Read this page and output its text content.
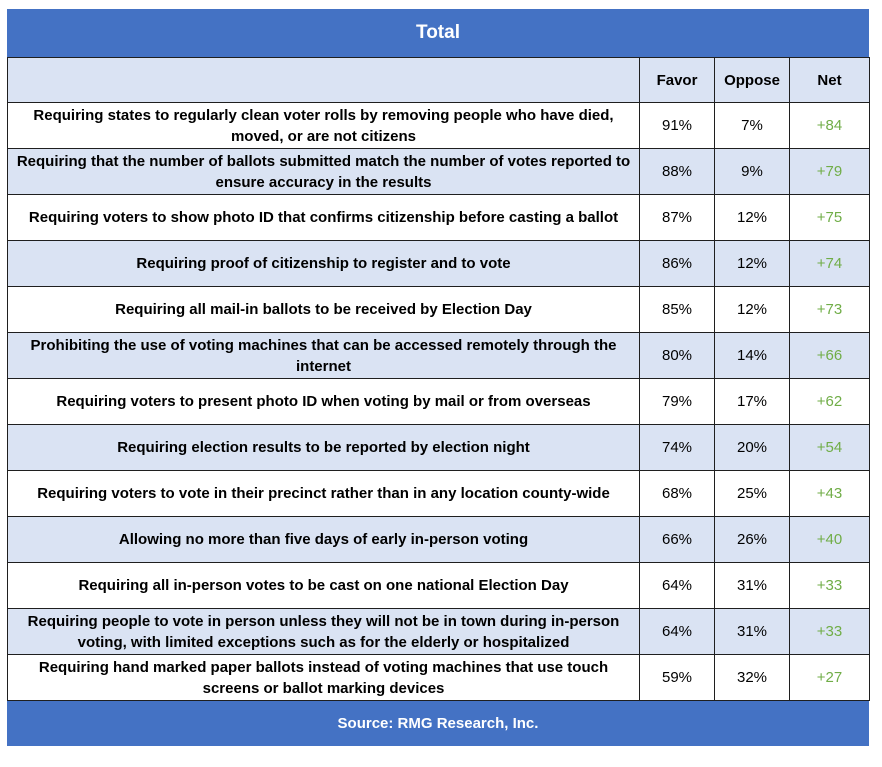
Total
	Favor	Oppose	Net
Requiring states to regularly clean voter rolls by removing people who have died, moved, or are not citizens	91%	7%	+84
Requiring that the number of ballots submitted match the number of votes reported to ensure accuracy in the results	88%	9%	+79
Requiring voters to show photo ID that confirms citizenship before casting a ballot	87%	12%	+75
Requiring proof of citizenship to register and to vote	86%	12%	+74
Requiring all mail-in ballots to be received by Election Day	85%	12%	+73
Prohibiting the use of voting machines that can be accessed remotely through the internet	80%	14%	+66
Requiring voters to present photo ID when voting by mail or from overseas	79%	17%	+62
Requiring election results to be reported by election night	74%	20%	+54
Requiring voters to vote in their precinct rather than in any location county-wide	68%	25%	+43
Allowing no more than five days of early in-person voting	66%	26%	+40
Requiring all in-person votes to be cast on one national Election Day	64%	31%	+33
Requiring people to vote in person unless they will not be in town during in-person voting, with limited exceptions such as for the elderly or hospitalized	64%	31%	+33
Requiring hand marked paper ballots instead of voting machines that use touch screens or ballot marking devices	59%	32%	+27
Source: RMG Research, Inc.
